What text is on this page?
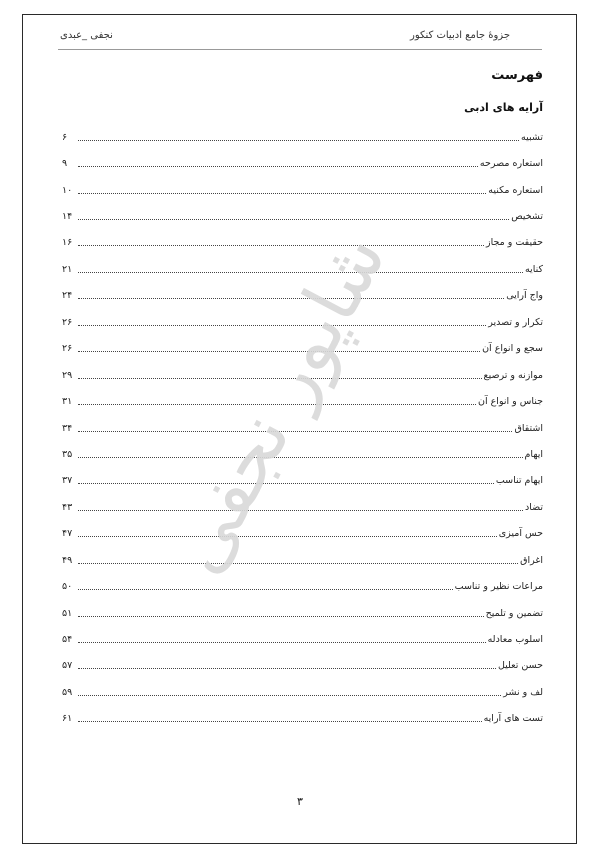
جزوهٔ جامع ادبیات کنکور
نجفی _عبدی
فهرست
آرایه های ادبی
تشبیه
۶
استعاره مصرحه
۹
استعاره مکنیه
۱۰
تشخیص
۱۴
حقیقت و مجاز
۱۶
کنایه
۲۱
واج آرایی
۲۴
تکرار و تصدیر
۲۶
سجع و انواع آن
۲۶
موازنه و ترصیع
۲۹
جناس و انواع آن
۳۱
اشتقاق
۳۴
ایهام
۳۵
ایهام تناسب
۳۷
تضاد
۴۳
حس آمیزی
۴۷
اغراق
۴۹
مراعات نظیر و تناسب
۵۰
تضمین و تلمیح
۵۱
اسلوب معادله
۵۴
حسن تعلیل
۵۷
لف و نشر
۵۹
تست های آرایه
۶۱
شاپور نجفی
۳
